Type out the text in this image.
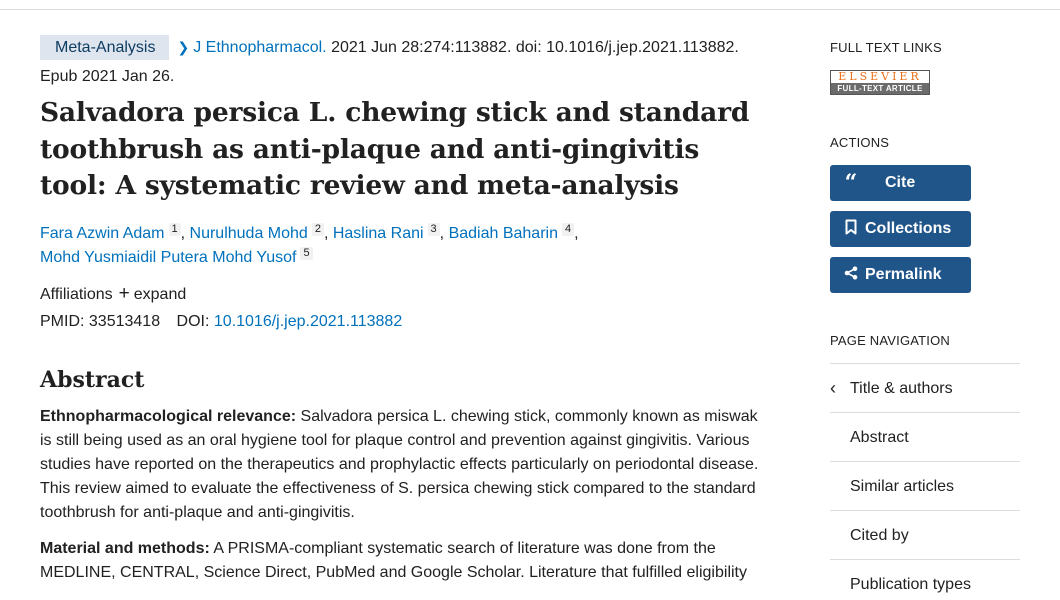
Meta-Analysis ❯ J Ethnopharmacol. 2021 Jun 28:274:113882. doi: 10.1016/j.jep.2021.113882. Epub 2021 Jan 26.
Salvadora persica L. chewing stick and standard toothbrush as anti-plaque and anti-gingivitis tool: A systematic review and meta-analysis
Fara Azwin Adam $^1$ , Nurulhuda Mohd $^2$ , Haslina Rani $^3$ , Badiah Baharin $^4$ ,
Mohd Yusmiaidil Putera Mohd Yusof $^5$
Affiliations + expand
PMID: 33513418 DOI: 10.1016/j.jep.2021.113882
Abstract

Ethnopharmacological relevance: Salvadora persica L. chewing stick, commonly known as miswak is still being used as an oral hygiene tool for plaque control and prevention against gingivitis. Various studies have reported on the therapeutics and prophylactic effects particularly on periodontal disease. This review aimed to evaluate the effectiveness of S. persica chewing stick compared to the standard toothbrush for anti-plaque and anti-gingivitis.

Material and methods: A PRISMA-compliant systematic search of literature was done from the MEDLINE, CENTRAL, Science Direct, PubMed and Google Scholar. Literature that fulfilled eligibility

FULL TEXT LINKS
ELSEVIER
FULL-TEXT ARTICLE
ACTIONS
“ Cite
Collections
Permalink
PAGE NAVIGATION
‹ Title & authors
Abstract
Similar articles
Cited by
Publication types
